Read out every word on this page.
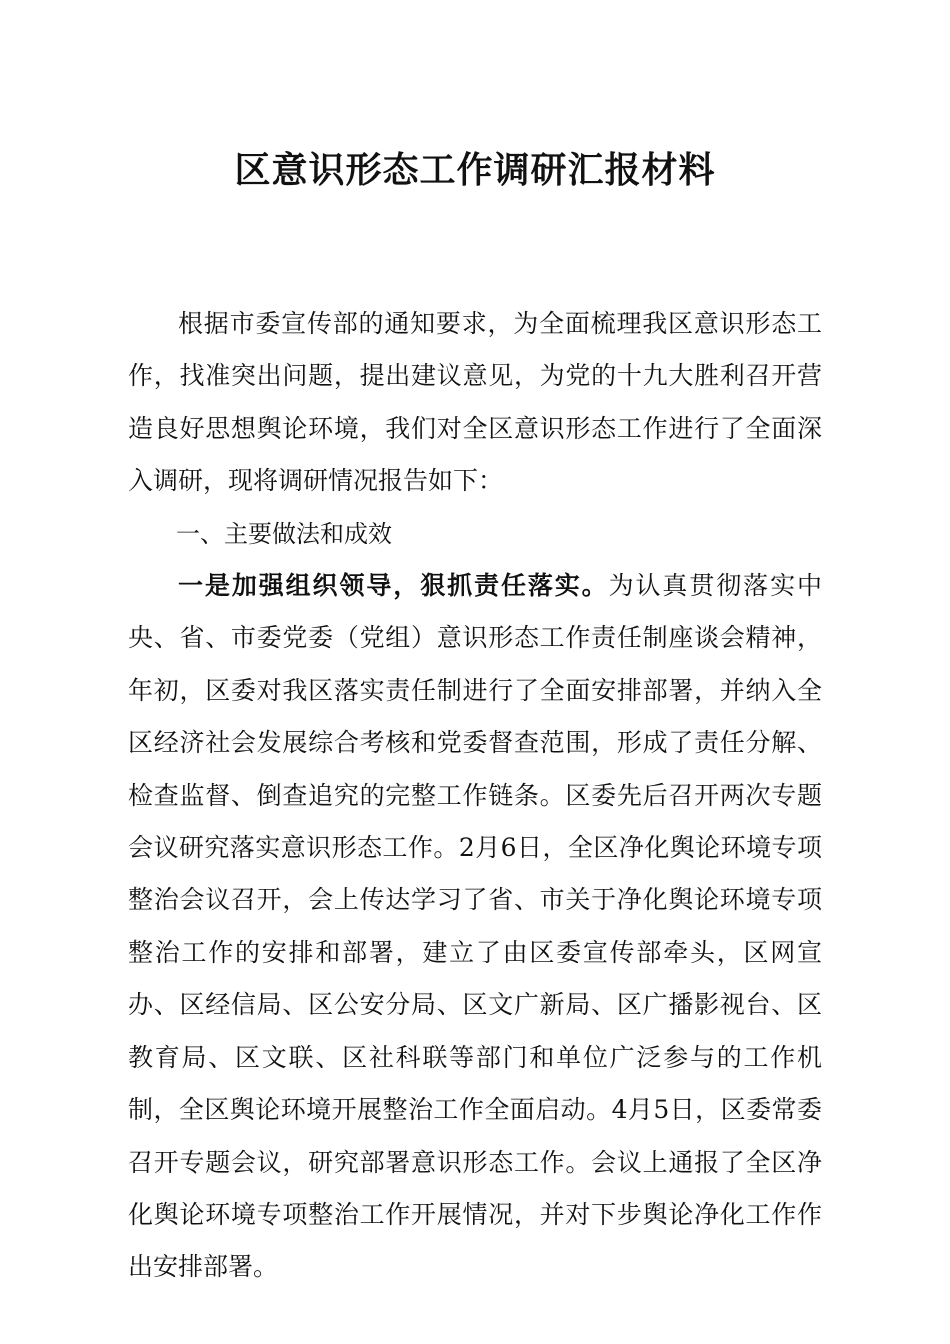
区意识形态工作调研汇报材料

根据市委宣传部的通知要求，为全面梳理我区意识形态工作，找准突出问题，提出建议意见，为党的十九大胜利召开营造良好思想舆论环境，我们对全区意识形态工作进行了全面深入调研，现将调研情况报告如下：

一、主要做法和成效

一是加强组织领导，狠抓责任落实。为认真贯彻落实中央、省、市委党委（党组）意识形态工作责任制座谈会精神，年初，区委对我区落实责任制进行了全面安排部署，并纳入全区经济社会发展综合考核和党委督查范围，形成了责任分解、检查监督、倒查追究的完整工作链条。区委先后召开两次专题会议研究落实意识形态工作。2月6日，全区净化舆论环境专项整治会议召开，会上传达学习了省、市关于净化舆论环境专项整治工作的安排和部署，建立了由区委宣传部牵头，区网宣办、区经信局、区公安分局、区文广新局、区广播影视台、区教育局、区文联、区社科联等部门和单位广泛参与的工作机制，全区舆论环境开展整治工作全面启动。4月5日，区委常委召开专题会议，研究部署意识形态工作。会议上通报了全区净化舆论环境专项整治工作开展情况，并对下步舆论净化工作作出安排部署。
